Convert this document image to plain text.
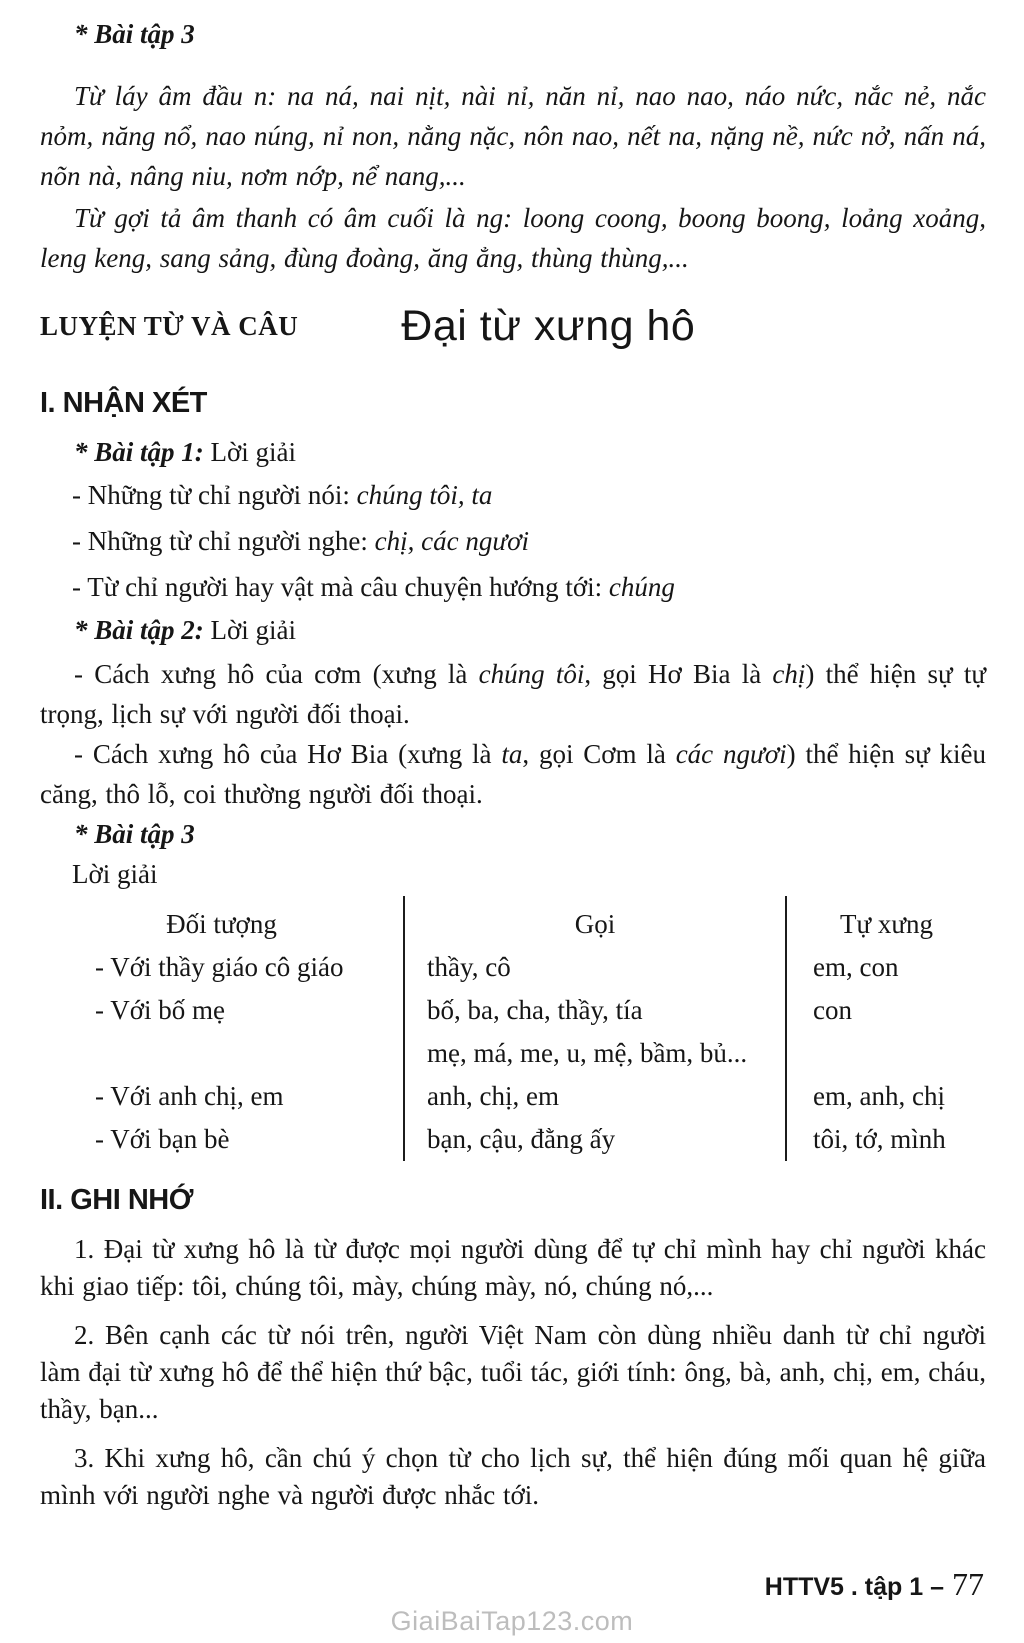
* Bài tập 3

Từ láy âm đầu n: na ná, nai nịt, nài nỉ, năn nỉ, nao nao, náo nức, nắc nẻ, nắc nỏm, năng nổ, nao núng, nỉ non, nằng nặc, nôn nao, nết na, nặng nề, nức nở, nấn ná, nõn nà, nâng niu, nơm nớp, nể nang,...

Từ gợi tả âm thanh có âm cuối là ng: loong coong, boong boong, loảng xoảng, leng keng, sang sảng, đùng đoàng, ăng ẳng, thùng thùng,...

LUYỆN TỪ VÀ CÂU Đại từ xưng hô
I. NHẬN XÉT

* Bài tập 1: Lời giải

- Những từ chỉ người nói: chúng tôi, ta

- Những từ chỉ người nghe: chị, các ngươi

- Từ chỉ người hay vật mà câu chuyện hướng tới: chúng

* Bài tập 2: Lời giải

- Cách xưng hô của cơm (xưng là chúng tôi, gọi Hơ Bia là chị) thể hiện sự tự trọng, lịch sự với người đối thoại.

- Cách xưng hô của Hơ Bia (xưng là ta, gọi Cơm là các ngươi) thể hiện sự kiêu căng, thô lỗ, coi thường người đối thoại.

* Bài tập 3

Lời giải

Đối tượng	Gọi	Tự xưng
- Với thầy giáo cô giáo	thầy, cô	em, con
- Với bố mẹ	bố, ba, cha, thầy, tía	con
mẹ, má, me, u, mệ, bầm, bủ...
- Với anh chị, em	anh, chị, em	em, anh, chị
- Với bạn bè	bạn, cậu, đằng ấy	tôi, tớ, mình
II. GHI NHỚ

1. Đại từ xưng hô là từ được mọi người dùng để tự chỉ mình hay chỉ người khác khi giao tiếp: tôi, chúng tôi, mày, chúng mày, nó, chúng nó,...

2. Bên cạnh các từ nói trên, người Việt Nam còn dùng nhiều danh từ chỉ người làm đại từ xưng hô để thể hiện thứ bậc, tuổi tác, giới tính: ông, bà, anh, chị, em, cháu, thầy, bạn...

3. Khi xưng hô, cần chú ý chọn từ cho lịch sự, thể hiện đúng mối quan hệ giữa mình với người nghe và người được nhắc tới.

HTTV5 . tập 1 – 77
GiaiBaiTap123.com
